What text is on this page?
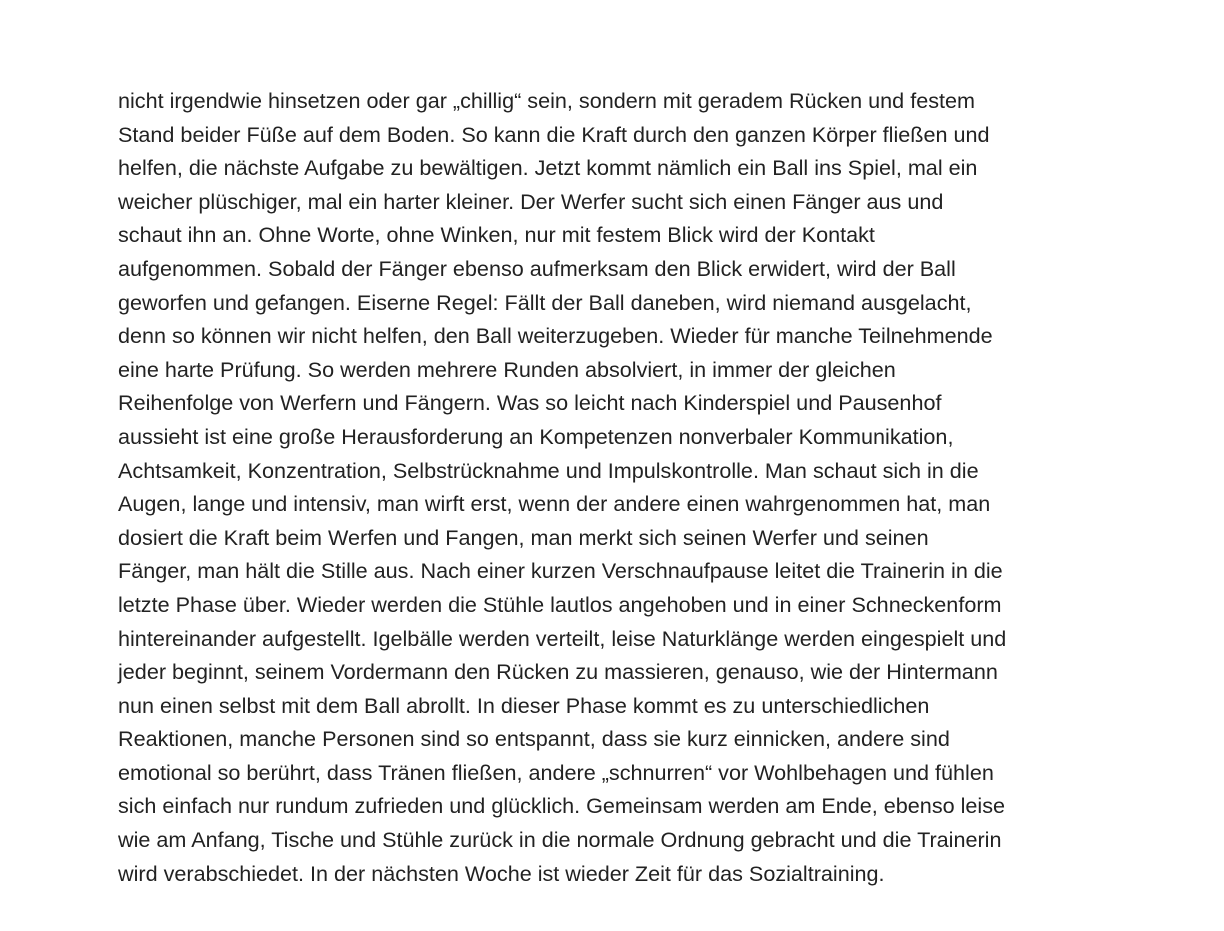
nicht irgendwie hinsetzen oder gar „chillig“ sein, sondern mit geradem Rücken und festem
Stand beider Füße auf dem Boden. So kann die Kraft durch den ganzen Körper fließen und
helfen, die nächste Aufgabe zu bewältigen. Jetzt kommt nämlich ein Ball ins Spiel, mal ein
weicher plüschiger, mal ein harter kleiner. Der Werfer sucht sich einen Fänger aus und
schaut ihn an. Ohne Worte, ohne Winken, nur mit festem Blick wird der Kontakt
aufgenommen. Sobald der Fänger ebenso aufmerksam den Blick erwidert, wird der Ball
geworfen und gefangen. Eiserne Regel: Fällt der Ball daneben, wird niemand ausgelacht,
denn so können wir nicht helfen, den Ball weiterzugeben. Wieder für manche Teilnehmende
eine harte Prüfung. So werden mehrere Runden absolviert, in immer der gleichen
Reihenfolge von Werfern und Fängern. Was so leicht nach Kinderspiel und Pausenhof
aussieht ist eine große Herausforderung an Kompetenzen nonverbaler Kommunikation,
Achtsamkeit, Konzentration, Selbstrücknahme und Impulskontrolle. Man schaut sich in die
Augen, lange und intensiv, man wirft erst, wenn der andere einen wahrgenommen hat, man
dosiert die Kraft beim Werfen und Fangen, man merkt sich seinen Werfer und seinen
Fänger, man hält die Stille aus. Nach einer kurzen Verschnaufpause leitet die Trainerin in die
letzte Phase über. Wieder werden die Stühle lautlos angehoben und in einer Schneckenform
hintereinander aufgestellt. Igelbälle werden verteilt, leise Naturklänge werden eingespielt und
jeder beginnt, seinem Vordermann den Rücken zu massieren, genauso, wie der Hintermann
nun einen selbst mit dem Ball abrollt. In dieser Phase kommt es zu unterschiedlichen
Reaktionen, manche Personen sind so entspannt, dass sie kurz einnicken, andere sind
emotional so berührt, dass Tränen fließen, andere „schnurren“ vor Wohlbehagen und fühlen
sich einfach nur rundum zufrieden und glücklich. Gemeinsam werden am Ende, ebenso leise
wie am Anfang, Tische und Stühle zurück in die normale Ordnung gebracht und die Trainerin
wird verabschiedet. In der nächsten Woche ist wieder Zeit für das Sozialtraining.
